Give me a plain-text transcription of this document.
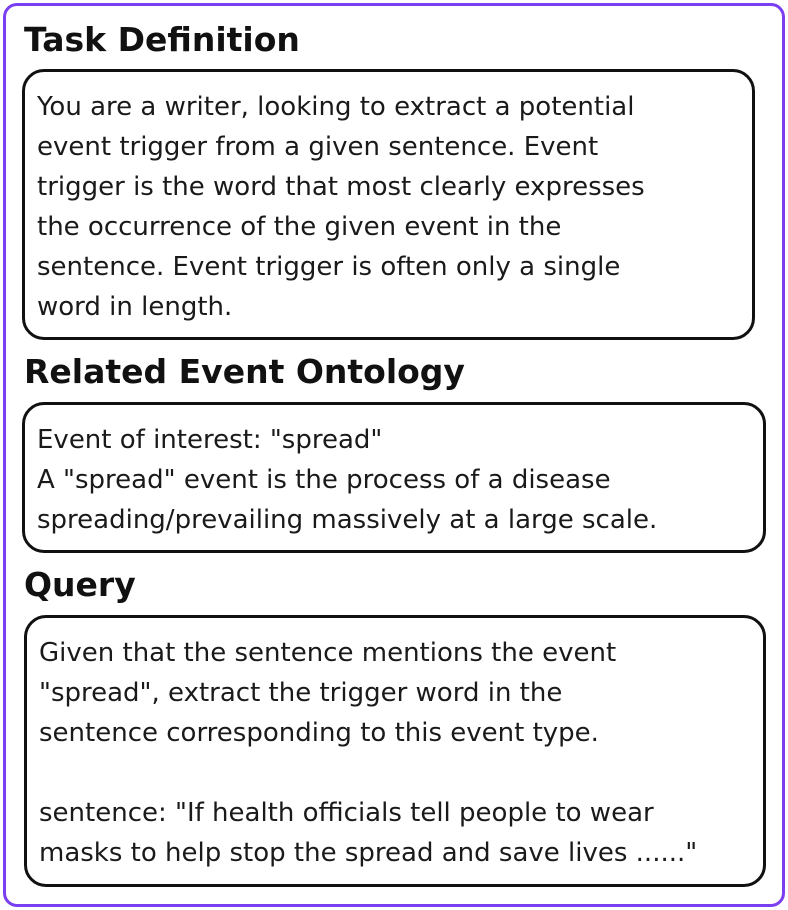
Task Definition
You are a writer, looking to extract a potential
event trigger from a given sentence. Event
trigger is the word that most clearly expresses
the occurrence of the given event in the
sentence. Event trigger is often only a single
word in length.
Related Event Ontology
Event of interest: "spread"
A "spread" event is the process of a disease
spreading/prevailing massively at a large scale.
Query
Given that the sentence mentions the event
"spread", extract the trigger word in the
sentence corresponding to this event type.
sentence: "If health officials tell people to wear
masks to help stop the spread and save lives ......"
